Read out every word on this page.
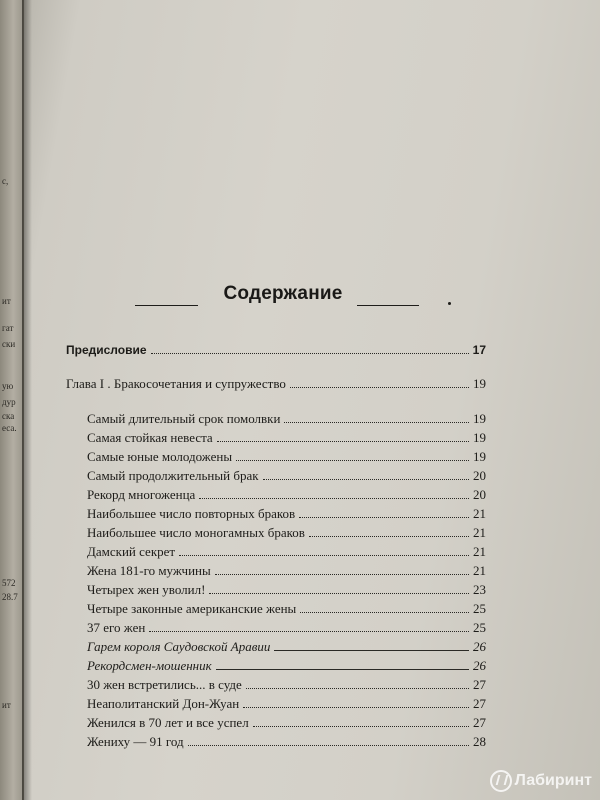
с,
ит
гат
ски
ую
дур
ска
еса.
572
28.7
ит
Содержание
Предисловие	17
Глава I . Бракосочетания и супружество	19
Самый длительный срок помолвки	19
Самая стойкая невеста	19
Самые юные молодожены	19
Самый продолжительный брак	20
Рекорд многоженца	20
Наибольшее число повторных браков	21
Наибольшее число моногамных браков	21
Дамский секрет	21
Жена 181-го мужчины	21
Четырех жен уволил!	23
Четыре законные американские жены	25
37 его жен	25
Гарем короля Саудовской Аравии	26
Рекордсмен-мошенник	26
30 жен встретились... в суде	27
Неаполитанский Дон-Жуан	27
Женился в 70 лет и все успел	27
Жениху — 91 год	28
Лабиринт
